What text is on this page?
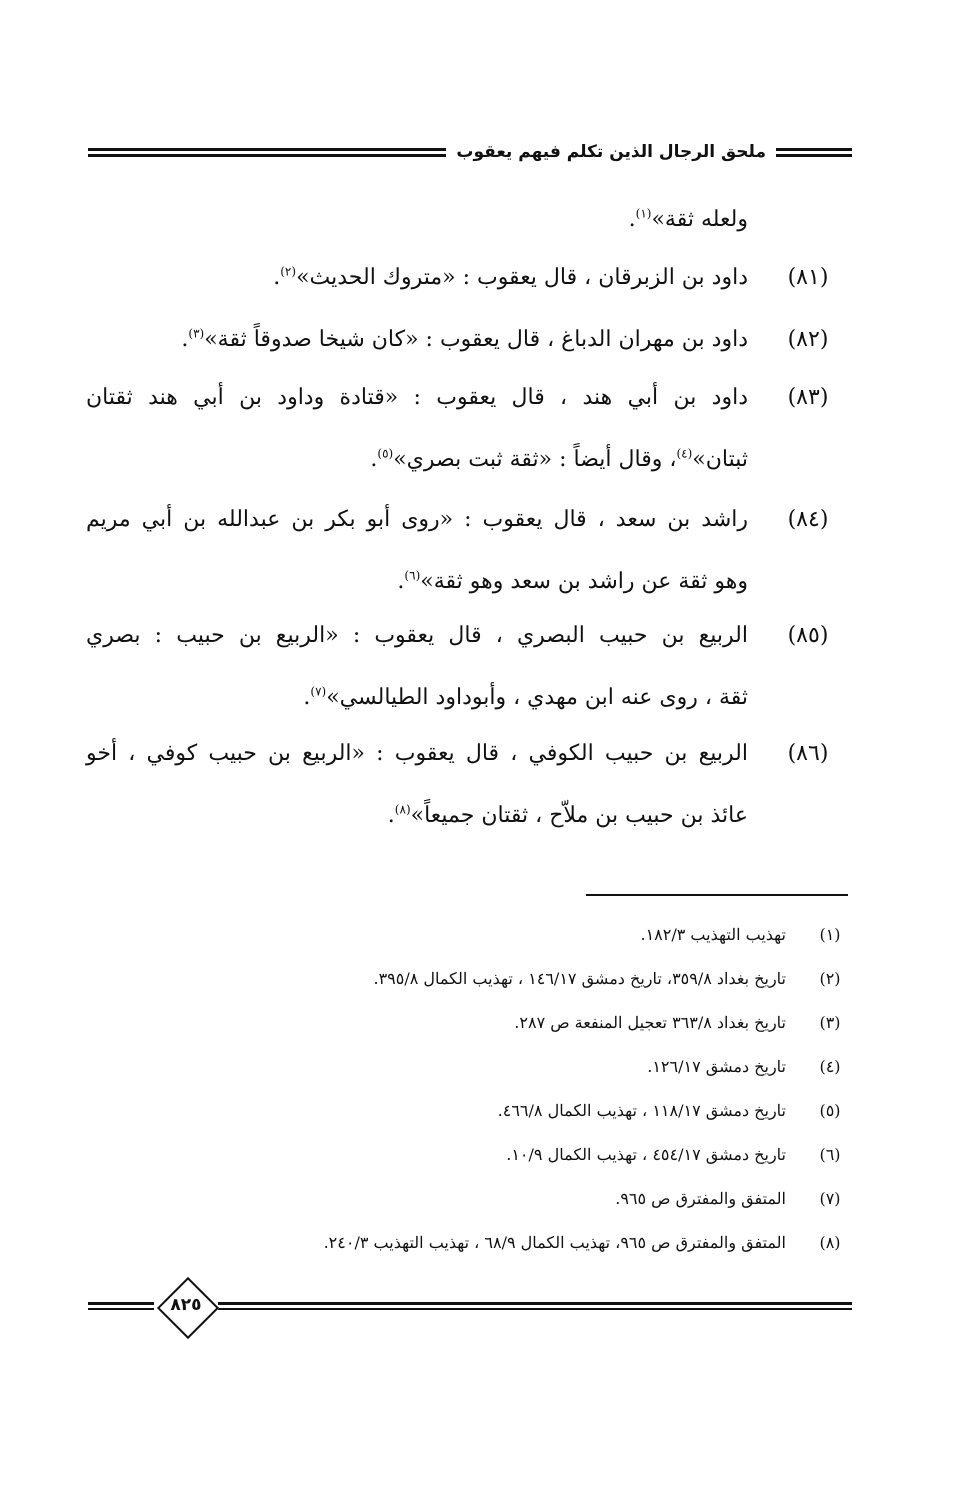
ملحق الرجال الذين تكلم فيهم يعقوب
ولعله ثقة»$^{(١)}$.
(٨١)
داود بن الزبرقان ، قال يعقوب : «متروك الحديث»$^{(٢)}$.
(٨٢)
داود بن مهران الدباغ ، قال يعقوب : «كان شيخا صدوقاً ثقة»$^{(٣)}$.
(٨٣)
داود بن أبي هند ، قال يعقوب : «قتادة وداود بن أبي هند ثقتان
ثبتان»$^{(٤)}$، وقال أيضاً : «ثقة ثبت بصري»$^{(٥)}$.
(٨٤)
راشد بن سعد ، قال يعقوب : «روى أبو بكر بن عبدالله بن أبي مريم
وهو ثقة عن راشد بن سعد وهو ثقة»$^{(٦)}$.
(٨٥)
الربيع بن حبيب البصري ، قال يعقوب : «الربيع بن حبيب : بصري
ثقة ، روى عنه ابن مهدي ، وأبوداود الطيالسي»$^{(٧)}$.
(٨٦)
الربيع بن حبيب الكوفي ، قال يعقوب : «الربيع بن حبيب كوفي ، أخو
عائذ بن حبيب بن ملاّح ، ثقتان جميعاً»$^{(٨)}$.
(١)
تهذيب التهذيب ١٨٢/٣.
(٢)
تاريخ بغداد ٣٥٩/٨، تاريخ دمشق ١٤٦/١٧ ، تهذيب الكمال ٣٩٥/٨.
(٣)
تاريخ بغداد ٣٦٣/٨ تعجيل المنفعة ص ٢٨٧.
(٤)
تاريخ دمشق ١٢٦/١٧.
(٥)
تاريخ دمشق ١١٨/١٧ ، تهذيب الكمال ٤٦٦/٨.
(٦)
تاريخ دمشق ٤٥٤/١٧ ، تهذيب الكمال ١٠/٩.
(٧)
المتفق والمفترق ص ٩٦٥.
(٨)
المتفق والمفترق ص ٩٦٥، تهذيب الكمال ٦٨/٩ ، تهذيب التهذيب ٢٤٠/٣.
٨٢٥
